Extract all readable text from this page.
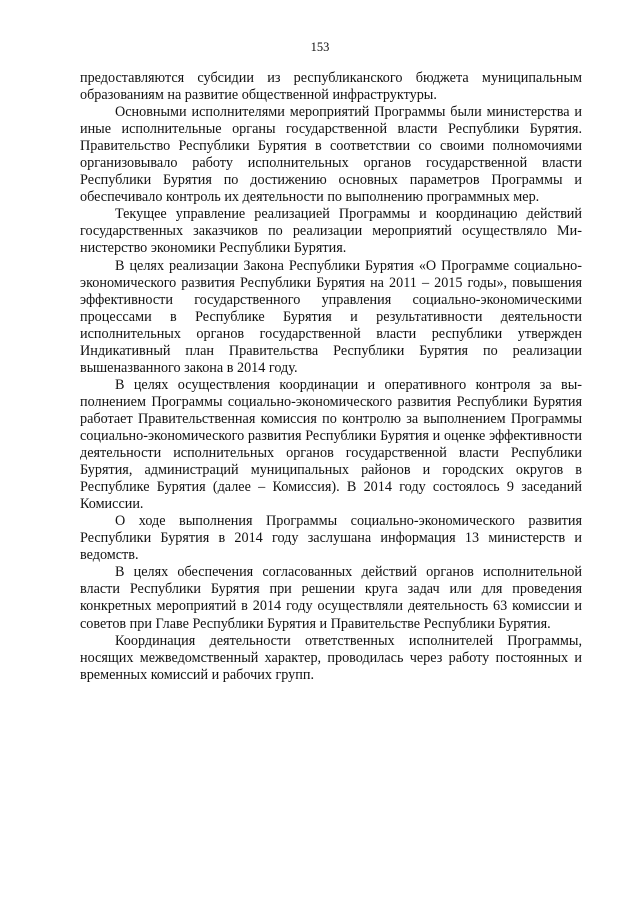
153

предоставляются субсидии из республиканского бюджета муниципальным образованиям на развитие общественной инфраструктуры.

Основными исполнителями мероприятий Программы были министерства и иные исполнительные органы государственной власти Республики Бурятия. Правительство Республики Бурятия в соответствии со своими полномочиями организовывало работу исполнительных органов государственной власти Республики Бурятия по достижению основных параметров Программы и обеспечивало контроль их деятельности по выполнению программных мер.

Текущее управление реализацией Программы и координацию действий государственных заказчиков по реализации мероприятий осуществляло Министерство экономики Республики Бурятия.

В целях реализации Закона Республики Бурятия «О Программе социально-экономического развития Республики Бурятия на 2011 – 2015 годы», повышения эффективности государственного управления социально-экономическими процессами в Республике Бурятия и результативности деятельности исполнительных органов государственной власти республики утвержден Индикативный план Правительства Республики Бурятия по реализации вышеназванного закона в 2014 году.

В целях осуществления координации и оперативного контроля за выполнением Программы социально-экономического развития Республики Бурятия работает Правительственная комиссия по контролю за выполнением Программы социально-экономического развития Республики Бурятия и оценке эффективности деятельности исполнительных органов государственной власти Республики Бурятия, администраций муниципальных районов и городских округов в Республике Бурятия (далее – Комиссия). В 2014 году состоялось 9 заседаний Комиссии.

О ходе выполнения Программы социально-экономического развития Республики Бурятия в 2014 году заслушана информация 13 министерств и ведомств.

В целях обеспечения согласованных действий органов исполнительной власти Республики Бурятия при решении круга задач или для проведения конкретных мероприятий в 2014 году осуществляли деятельность 63 комиссии и советов при Главе Республики Бурятия и Правительстве Республики Бурятия.

Координация деятельности ответственных исполнителей Программы, носящих межведомственный характер, проводилась через работу постоянных и временных комиссий и рабочих групп.
